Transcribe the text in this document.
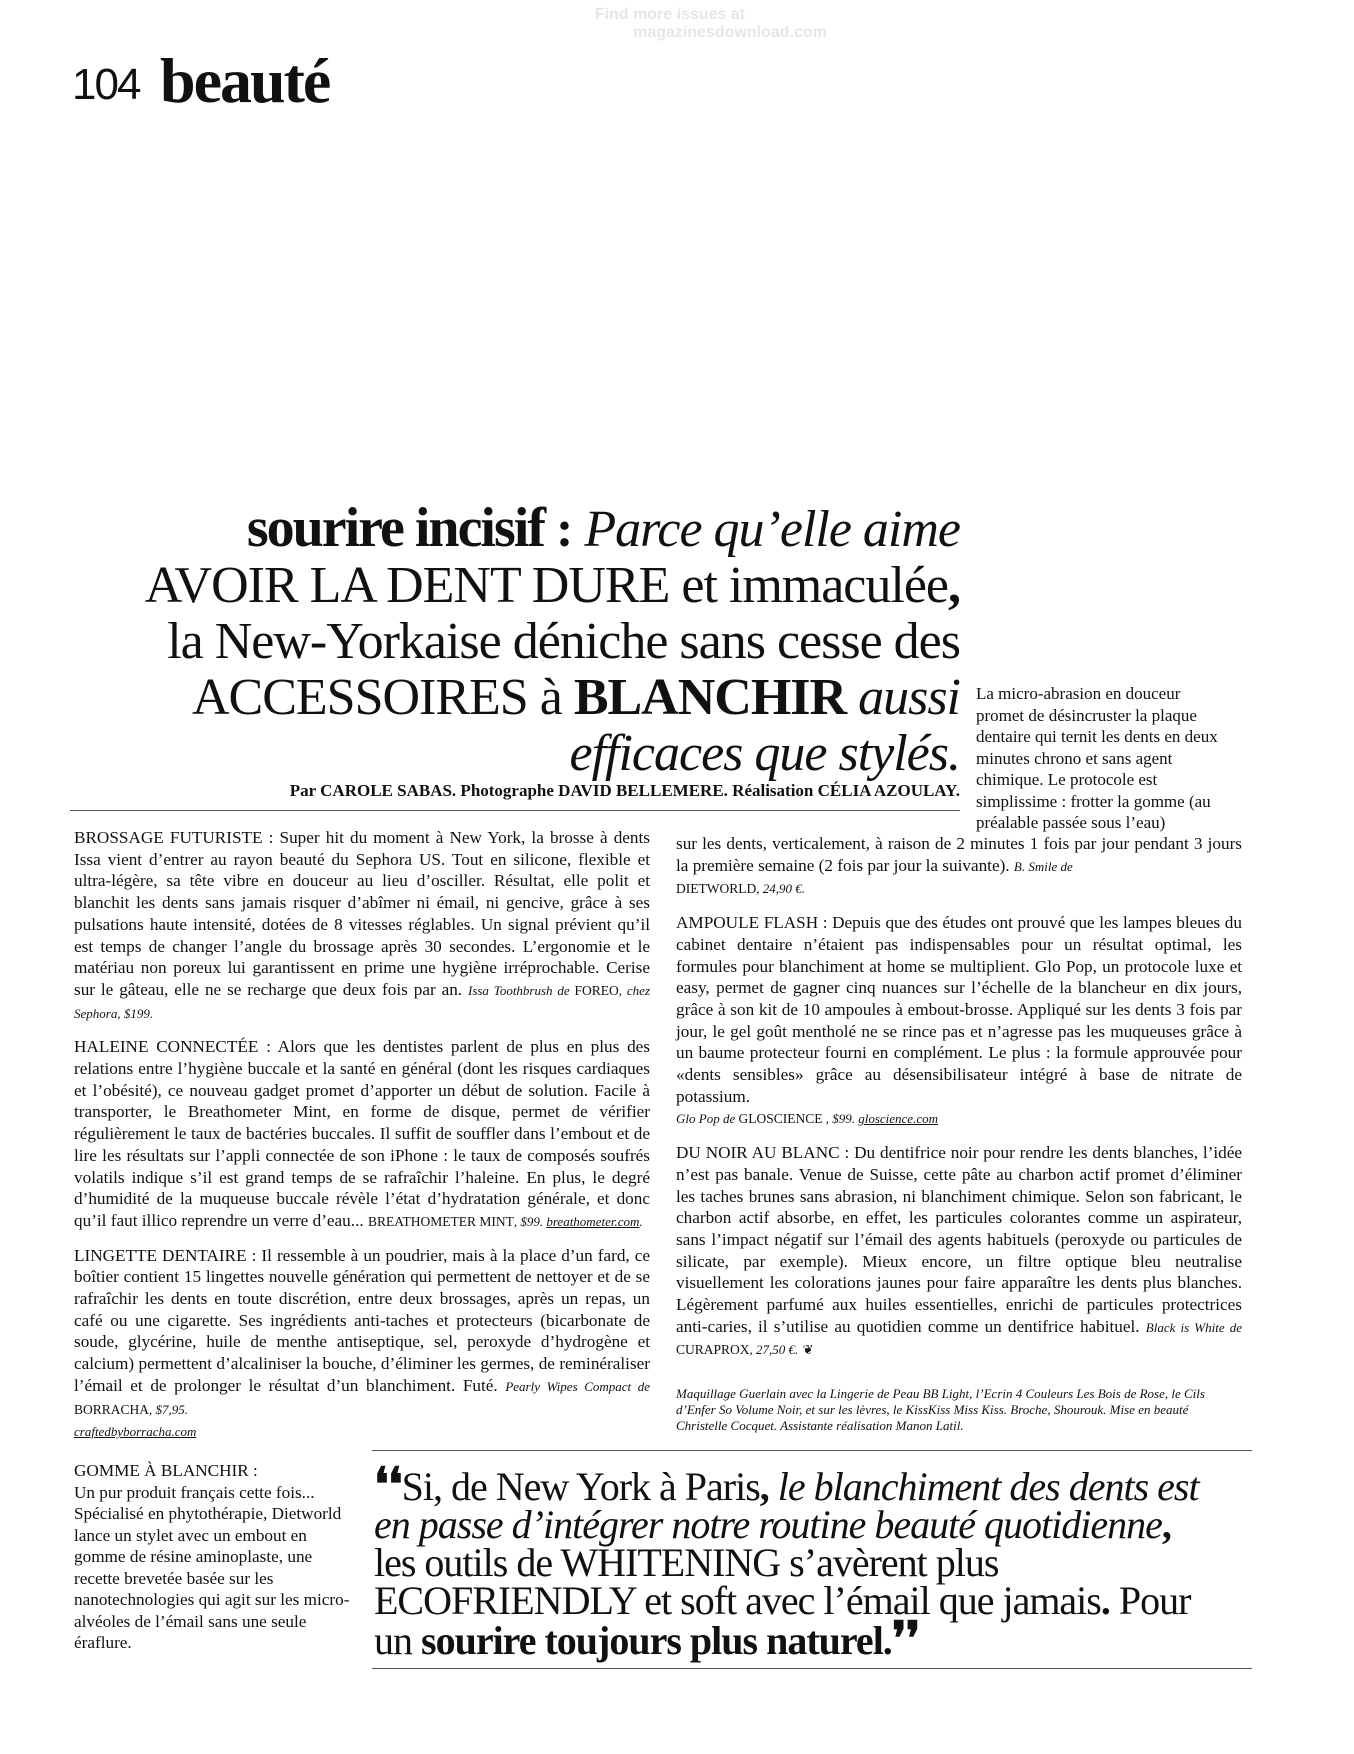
Find more issues at
magazinesdownload.com
104 beauté
sourire incisif : Parce qu’elle aime AVOIR LA DENT DURE et immaculée, la New-Yorkaise déniche sans cesse des ACCESSOIRES à BLANCHIR aussi efficaces que stylés.
Par CAROLE SABAS. Photographe DAVID BELLEMERE. Réalisation CÉLIA AZOULAY.
La micro-abrasion en douceur promet de désincruster la plaque dentaire qui ternit les dents en deux minutes chrono et sans agent chimique. Le protocole est simplissime : frotter la gomme (au préalable passée sous l’eau)

BROSSAGE FUTURISTE : Super hit du moment à New York, la brosse à dents Issa vient d’entrer au rayon beauté du Sephora US. Tout en silicone, flexible et ultra-légère, sa tête vibre en douceur au lieu d’osciller. Résultat, elle polit et blanchit les dents sans jamais risquer d’abîmer ni émail, ni gencive, grâce à ses pulsations haute intensité, dotées de 8 vitesses réglables. Un signal prévient qu’il est temps de changer l’angle du brossage après 30 secondes. L’ergonomie et le matériau non poreux lui garantissent en prime une hygiène irréprochable. Cerise sur le gâteau, elle ne se recharge que deux fois par an. Issa Toothbrush de FOREO, chez Sephora, $199.

HALEINE CONNECTÉE : Alors que les dentistes parlent de plus en plus des relations entre l’hygiène buccale et la santé en général (dont les risques cardiaques et l’obésité), ce nouveau gadget promet d’apporter un début de solution. Facile à transporter, le Breathometer Mint, en forme de disque, permet de vérifier régulièrement le taux de bactéries buccales. Il suffit de souffler dans l’embout et de lire les résultats sur l’appli connectée de son iPhone : le taux de composés soufrés volatils indique s’il est grand temps de se rafraîchir l’haleine. En plus, le degré d’humidité de la muqueuse buccale révèle l’état d’hydratation générale, et donc qu’il faut illico reprendre un verre d’eau... BREATHOMETER MINT, $99. breathometer.com.

LINGETTE DENTAIRE : Il ressemble à un poudrier, mais à la place d’un fard, ce boîtier contient 15 lingettes nouvelle génération qui permettent de nettoyer et de se rafraîchir les dents en toute discrétion, entre deux brossages, après un repas, un café ou une cigarette. Ses ingrédients anti-taches et protecteurs (bicarbonate de soude, glycérine, huile de menthe antiseptique, sel, peroxyde d’hydrogène et calcium) permettent d’alcaliniser la bouche, d’éliminer les germes, de reminéraliser l’émail et de prolonger le résultat d’un blanchiment. Futé. Pearly Wipes Compact de BORRACHA, $7,95.
craftedbyborracha.com

sur les dents, verticalement, à raison de 2 minutes 1 fois par jour pendant 3 jours la première semaine (2 fois par jour la suivante). B. Smile de
DIETWORLD, 24,90 €.

AMPOULE FLASH : Depuis que des études ont prouvé que les lampes bleues du cabinet dentaire n’étaient pas indispensables pour un résultat optimal, les formules pour blanchiment at home se multiplient. Glo Pop, un protocole luxe et easy, permet de gagner cinq nuances sur l’échelle de la blancheur en dix jours, grâce à son kit de 10 ampoules à embout-brosse. Appliqué sur les dents 3 fois par jour, le gel goût mentholé ne se rince pas et n’agresse pas les muqueuses grâce à un baume protecteur fourni en complément. Le plus : la formule approuvée pour «dents sensibles» grâce au désensibilisateur intégré à base de nitrate de potassium.
Glo Pop de GLOSCIENCE , $99. gloscience.com

DU NOIR AU BLANC : Du dentifrice noir pour rendre les dents blanches, l’idée n’est pas banale. Venue de Suisse, cette pâte au charbon actif promet d’éliminer les taches brunes sans abrasion, ni blanchiment chimique. Selon son fabricant, le charbon actif absorbe, en effet, les particules colorantes comme un aspirateur, sans l’impact négatif sur l’émail des agents habituels (peroxyde ou particules de silicate, par exemple). Mieux encore, un filtre optique bleu neutralise visuellement les colorations jaunes pour faire apparaître les dents plus blanches. Légèrement parfumé aux huiles essentielles, enrichi de particules protectrices anti-caries, il s’utilise au quotidien comme un dentifrice habituel. Black is White de CURAPROX, 27,50 €. ❦

Maquillage Guerlain avec la Lingerie de Peau BB Light, l’Ecrin 4 Couleurs Les Bois de Rose, le Cils d’Enfer So Volume Noir, et sur les lèvres, le KissKiss Miss Kiss. Broche, Shourouk. Mise en beauté Christelle Cocquet. Assistante réalisation Manon Latil.
GOMME À BLANCHIR :
Un pur produit français cette fois... Spécialisé en phytothérapie, Dietworld lance un stylet avec un embout en gomme de résine aminoplaste, une recette brevetée basée sur les nanotechnologies qui agit sur les micro-alvéoles de l’émail sans une seule éraflure.
❛❛Si, de New York à Paris, le blanchiment des dents est en passe d’intégrer notre routine beauté quotidienne, les outils de WHITENING s’avèrent plus ECOFRIENDLY et soft avec l’émail que jamais. Pour un sourire toujours plus naturel.❜❜
